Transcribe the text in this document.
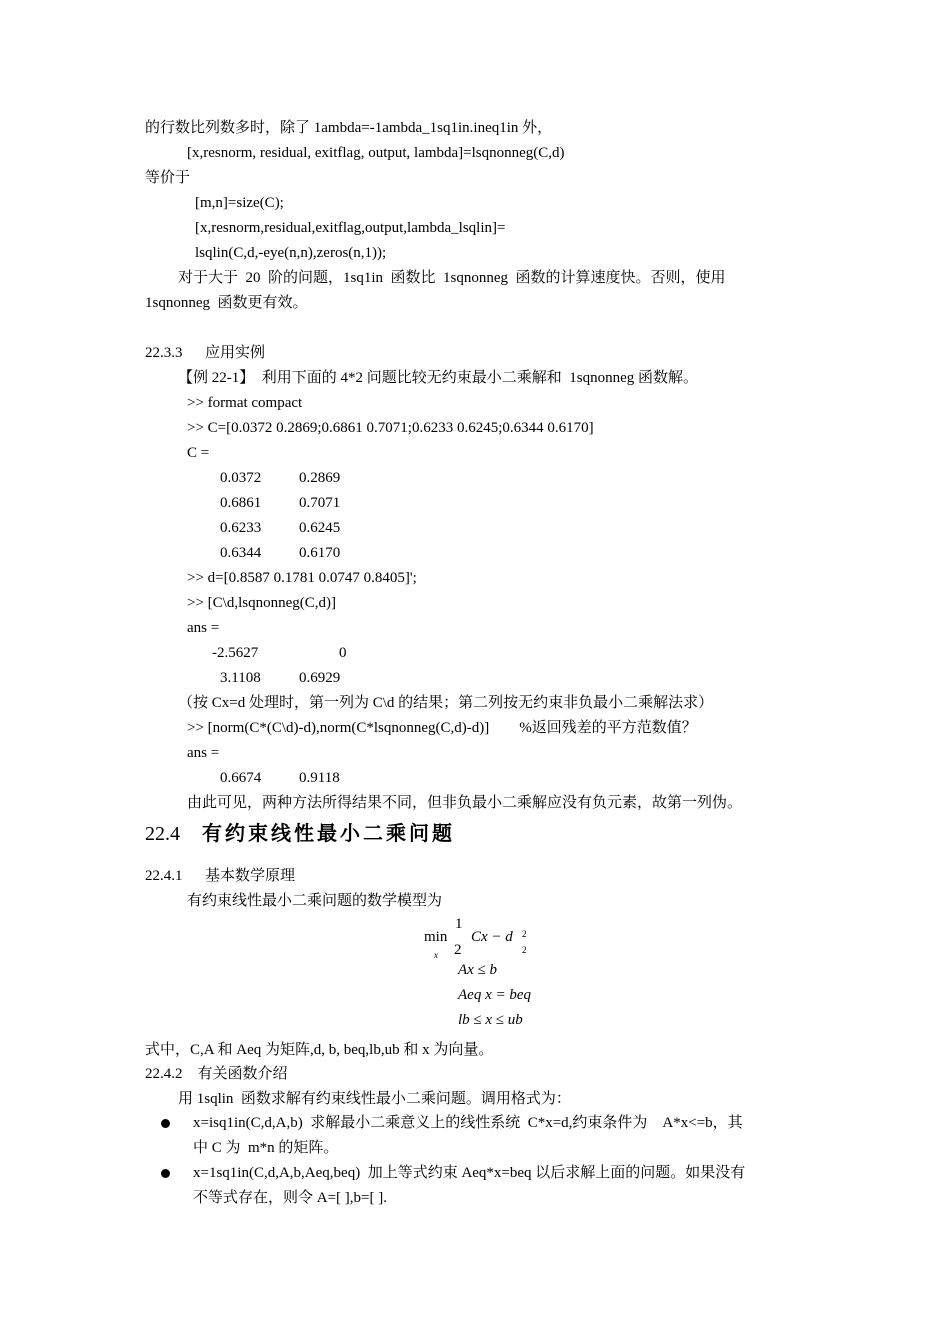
的行数比列数多时，除了 1ambda=-1ambda_1sq1in.ineq1in 外，
[x,resnorm, residual, exitflag, output, lambda]=lsqnonneg(C,d)
等价于
[m,n]=size(C);
[x,resnorm,residual,exitflag,output,lambda_lsqlin]=
lsqlin(C,d,-eye(n,n),zeros(n,1));
对于大于  20  阶的问题，1sq1in  函数比  1sqnonneg  函数的计算速度快。否则，使用
1sqnonneg  函数更有效。
22.3.3      应用实例
【例 22-1】  利用下面的 4*2 问题比较无约束最小二乘解和  1sqnonneg 函数解。
>> format compact
>> C=[0.0372 0.2869;0.6861 0.7071;0.6233 0.6245;0.6344 0.6170]
C =
0.0372	0.2869
0.6861	0.7071
0.6233	0.6245
0.6344	0.6170
>> d=[0.8587 0.1781 0.0747 0.8405]';
>> [C\d,lsqnonneg(C,d)]
ans =
-2.5627	0
3.1108	0.6929
（按 Cx=d 处理时，第一列为 C\d 的结果；第二列按无约束非负最小二乘解法求）
>> [norm(C*(C\d)-d),norm(C*lsqnonneg(C,d)-d)]        %返回残差的平方范数值？
ans =
0.6674	0.9118
由此可见，两种方法所得结果不同，但非负最小二乘解应没有负元素，故第一列伪。
22.4 有约束线性最小二乘问题
22.4.1      基本数学原理
有约束线性最小二乘问题的数学模型为
min
x
1
2
Cx − d 2
2
Ax ≤ b
Aeq x = beq
lb ≤ x ≤ ub
式中，C,A 和 Aeq 为矩阵,d, b, beq,lb,ub 和 x 为向量。
22.4.2    有关函数介绍
用 1sqlin  函数求解有约束线性最小二乘问题。调用格式为：
x=isq1in(C,d,A,b)  求解最小二乘意义上的线性系统  C*x=d,约束条件为    A*x<=b，其
中 C 为  m*n 的矩阵。
x=1sq1in(C,d,A,b,Aeq,beq)  加上等式约束 Aeq*x=beq 以后求解上面的问题。如果没有
不等式存在，则令 A=[ ],b=[ ].
